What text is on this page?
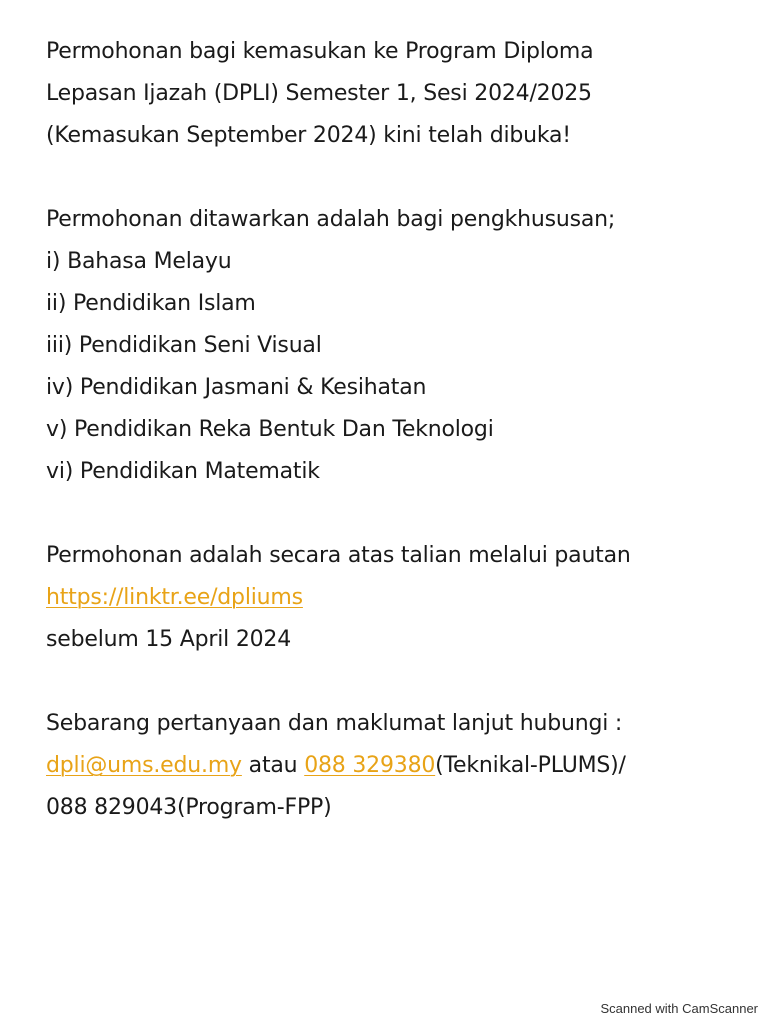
Permohonan bagi kemasukan ke Program Diploma
Lepasan Ijazah (DPLI) Semester 1, Sesi 2024/2025
(Kemasukan September 2024) kini telah dibuka!
Permohonan ditawarkan adalah bagi pengkhususan;
i) Bahasa Melayu
ii) Pendidikan Islam
iii) Pendidikan Seni Visual
iv) Pendidikan Jasmani & Kesihatan
v) Pendidikan Reka Bentuk Dan Teknologi
vi) Pendidikan Matematik
Permohonan adalah secara atas talian melalui pautan
https://linktr.ee/dpliums
sebelum 15 April 2024
Sebarang pertanyaan dan maklumat lanjut hubungi :
dpli@ums.edu.my atau 088 329380(Teknikal-PLUMS)/
088 829043(Program-FPP)
Scanned with CamScanner
